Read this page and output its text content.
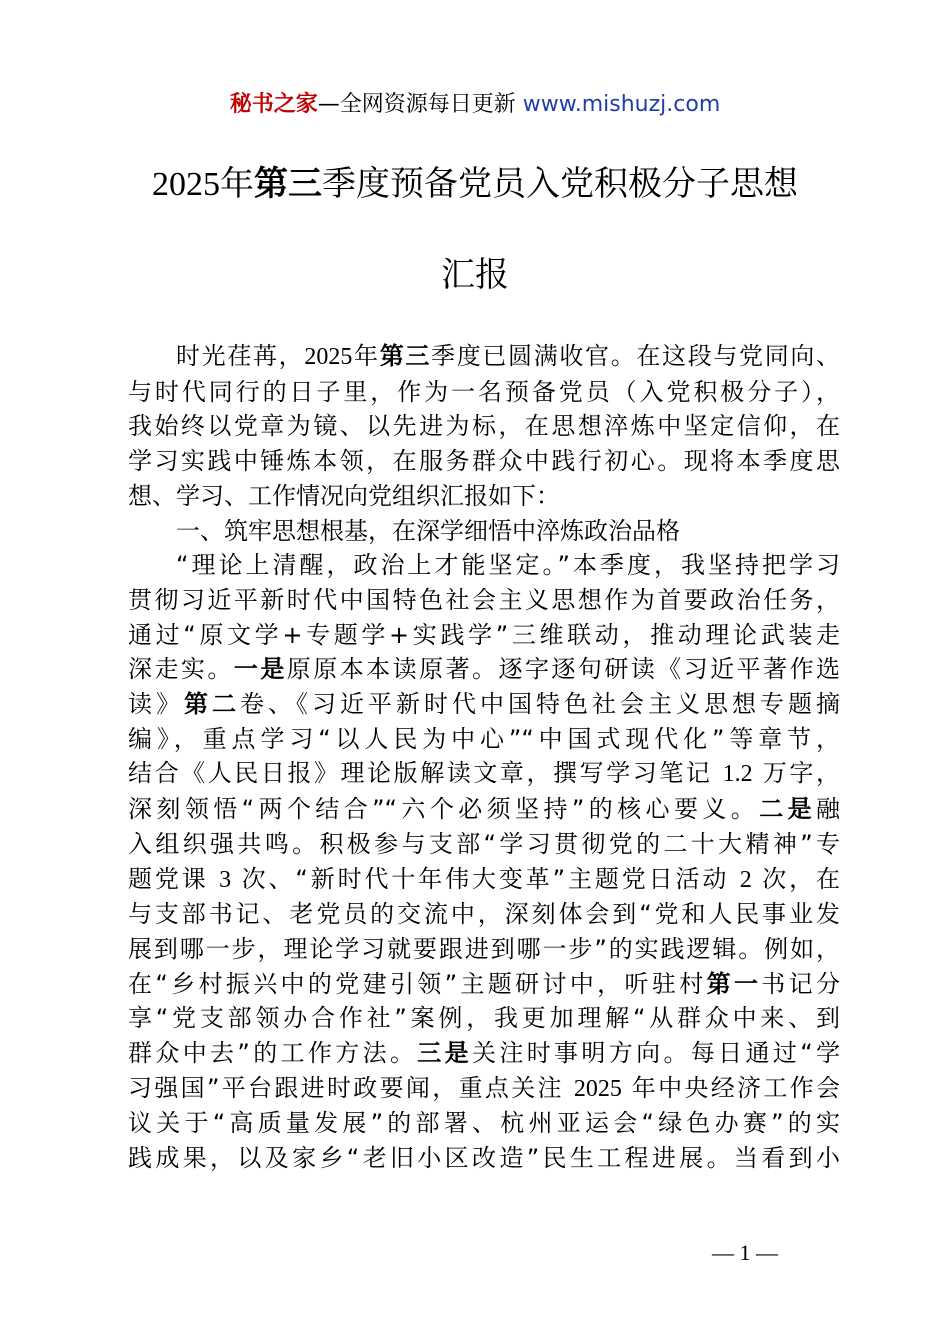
秘书之家—全网资源每日更新 www.mishuzj.com
2025年第三季度预备党员入党积极分子思想
汇报
时光荏苒，2025年第三季度已圆满收官。在这段与党同向、
与时代同行的日子里，作为一名预备党员（入党积极分子），
我始终以党章为镜、以先进为标，在思想淬炼中坚定信仰，在
学习实践中锤炼本领，在服务群众中践行初心。现将本季度思
想、学习、工作情况向党组织汇报如下：
一、筑牢思想根基，在深学细悟中淬炼政治品格
“理论上清醒，政治上才能坚定。”本季度，我坚持把学习
贯彻习近平新时代中国特色社会主义思想作为首要政治任务，
通过“原文学+专题学+实践学”三维联动，推动理论武装走
深走实。一是原原本本读原著。逐字逐句研读《习近平著作选
读》第二卷、《习近平新时代中国特色社会主义思想专题摘
编》，重点学习“以人民为中心”“中国式现代化”等章节，
结合《人民日报》理论版解读文章，撰写学习笔记 1.2 万字，
深刻领悟“两个结合”“六个必须坚持”的核心要义。二是融
入组织强共鸣。积极参与支部“学习贯彻党的二十大精神”专
题党课 3 次、“新时代十年伟大变革”主题党日活动 2 次，在
与支部书记、老党员的交流中，深刻体会到“党和人民事业发
展到哪一步，理论学习就要跟进到哪一步”的实践逻辑。例如，
在“乡村振兴中的党建引领”主题研讨中，听驻村第一书记分
享“党支部领办合作社”案例，我更加理解“从群众中来、到
群众中去”的工作方法。三是关注时事明方向。每日通过“学
习强国”平台跟进时政要闻，重点关注 2025 年中央经济工作会
议关于“高质量发展”的部署、杭州亚运会“绿色办赛”的实
践成果，以及家乡“老旧小区改造”民生工程进展。当看到小
— 1 —
